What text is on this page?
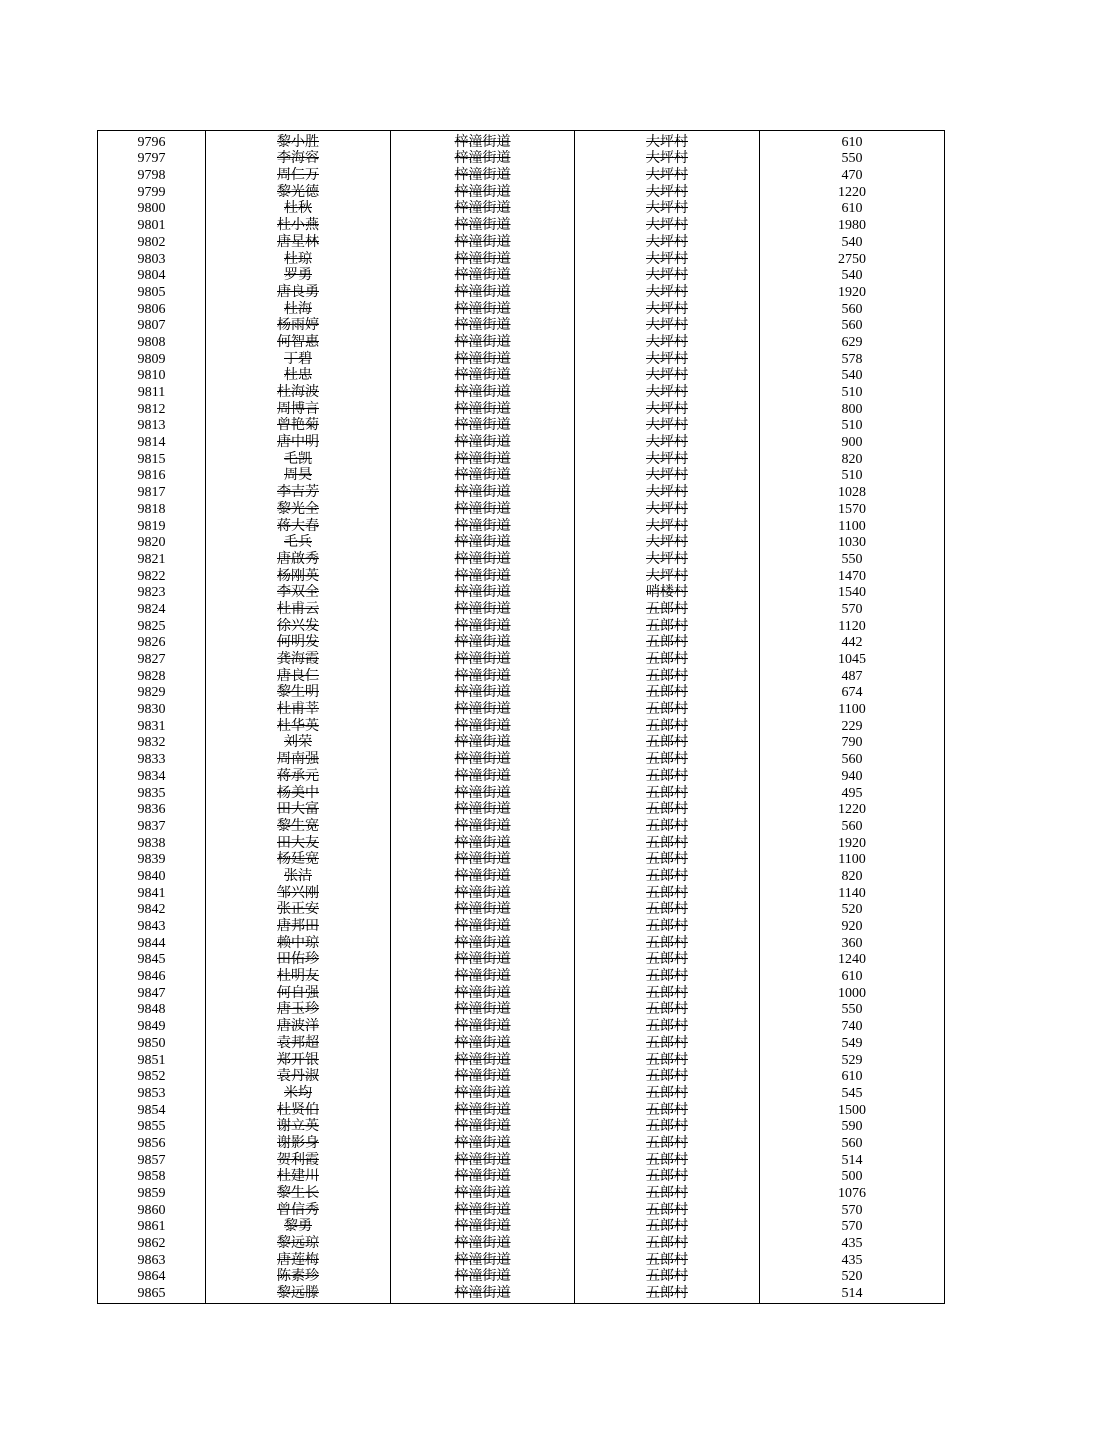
9796	黎小胜	梓潼街道	大坪村	610
9797	李海容	梓潼街道	大坪村	550
9798	周仁万	梓潼街道	大坪村	470
9799	黎光德	梓潼街道	大坪村	1220
9800	杜秋	梓潼街道	大坪村	610
9801	杜小燕	梓潼街道	大坪村	1980
9802	唐星林	梓潼街道	大坪村	540
9803	杜琼	梓潼街道	大坪村	2750
9804	罗勇	梓潼街道	大坪村	540
9805	唐良勇	梓潼街道	大坪村	1920
9806	杜海	梓潼街道	大坪村	560
9807	杨雨婷	梓潼街道	大坪村	560
9808	何智惠	梓潼街道	大坪村	629
9809	丁碧	梓潼街道	大坪村	578
9810	杜忠	梓潼街道	大坪村	540
9811	杜海波	梓潼街道	大坪村	510
9812	周博言	梓潼街道	大坪村	800
9813	曾艳菊	梓潼街道	大坪村	510
9814	唐中明	梓潼街道	大坪村	900
9815	毛凯	梓潼街道	大坪村	820
9816	周昊	梓潼街道	大坪村	510
9817	李吉芳	梓潼街道	大坪村	1028
9818	黎光全	梓潼街道	大坪村	1570
9819	蒋大春	梓潼街道	大坪村	1100
9820	毛兵	梓潼街道	大坪村	1030
9821	唐啟秀	梓潼街道	大坪村	550
9822	杨刚英	梓潼街道	大坪村	1470
9823	李双全	梓潼街道	哨楼村	1540
9824	杜甫云	梓潼街道	五郎村	570
9825	徐兴发	梓潼街道	五郎村	1120
9826	何明发	梓潼街道	五郎村	442
9827	龚海霞	梓潼街道	五郎村	1045
9828	唐良仁	梓潼街道	五郎村	487
9829	黎生明	梓潼街道	五郎村	674
9830	杜甫莘	梓潼街道	五郎村	1100
9831	杜华英	梓潼街道	五郎村	229
9832	刘荣	梓潼街道	五郎村	790
9833	周南强	梓潼街道	五郎村	560
9834	蒋承元	梓潼街道	五郎村	940
9835	杨美中	梓潼街道	五郎村	495
9836	田大富	梓潼街道	五郎村	1220
9837	黎生宽	梓潼街道	五郎村	560
9838	田大友	梓潼街道	五郎村	1920
9839	杨廷宽	梓潼街道	五郎村	1100
9840	张洁	梓潼街道	五郎村	820
9841	邹兴刚	梓潼街道	五郎村	1140
9842	张正安	梓潼街道	五郎村	520
9843	唐邦田	梓潼街道	五郎村	920
9844	赖中琼	梓潼街道	五郎村	360
9845	田佑珍	梓潼街道	五郎村	1240
9846	杜明友	梓潼街道	五郎村	610
9847	何自强	梓潼街道	五郎村	1000
9848	唐玉珍	梓潼街道	五郎村	550
9849	唐波洋	梓潼街道	五郎村	740
9850	袁邦超	梓潼街道	五郎村	549
9851	郑开银	梓潼街道	五郎村	529
9852	袁丹淑	梓潼街道	五郎村	610
9853	米均	梓潼街道	五郎村	545
9854	杜贤伯	梓潼街道	五郎村	1500
9855	谢立英	梓潼街道	五郎村	590
9856	谢影身	梓潼街道	五郎村	560
9857	贺利霞	梓潼街道	五郎村	514
9858	杜建川	梓潼街道	五郎村	500
9859	黎生长	梓潼街道	五郎村	1076
9860	曾信秀	梓潼街道	五郎村	570
9861	黎勇	梓潼街道	五郎村	570
9862	黎远琼	梓潼街道	五郎村	435
9863	唐莲梅	梓潼街道	五郎村	435
9864	陈素珍	梓潼街道	五郎村	520
9865	黎远滕	梓潼街道	五郎村	514
